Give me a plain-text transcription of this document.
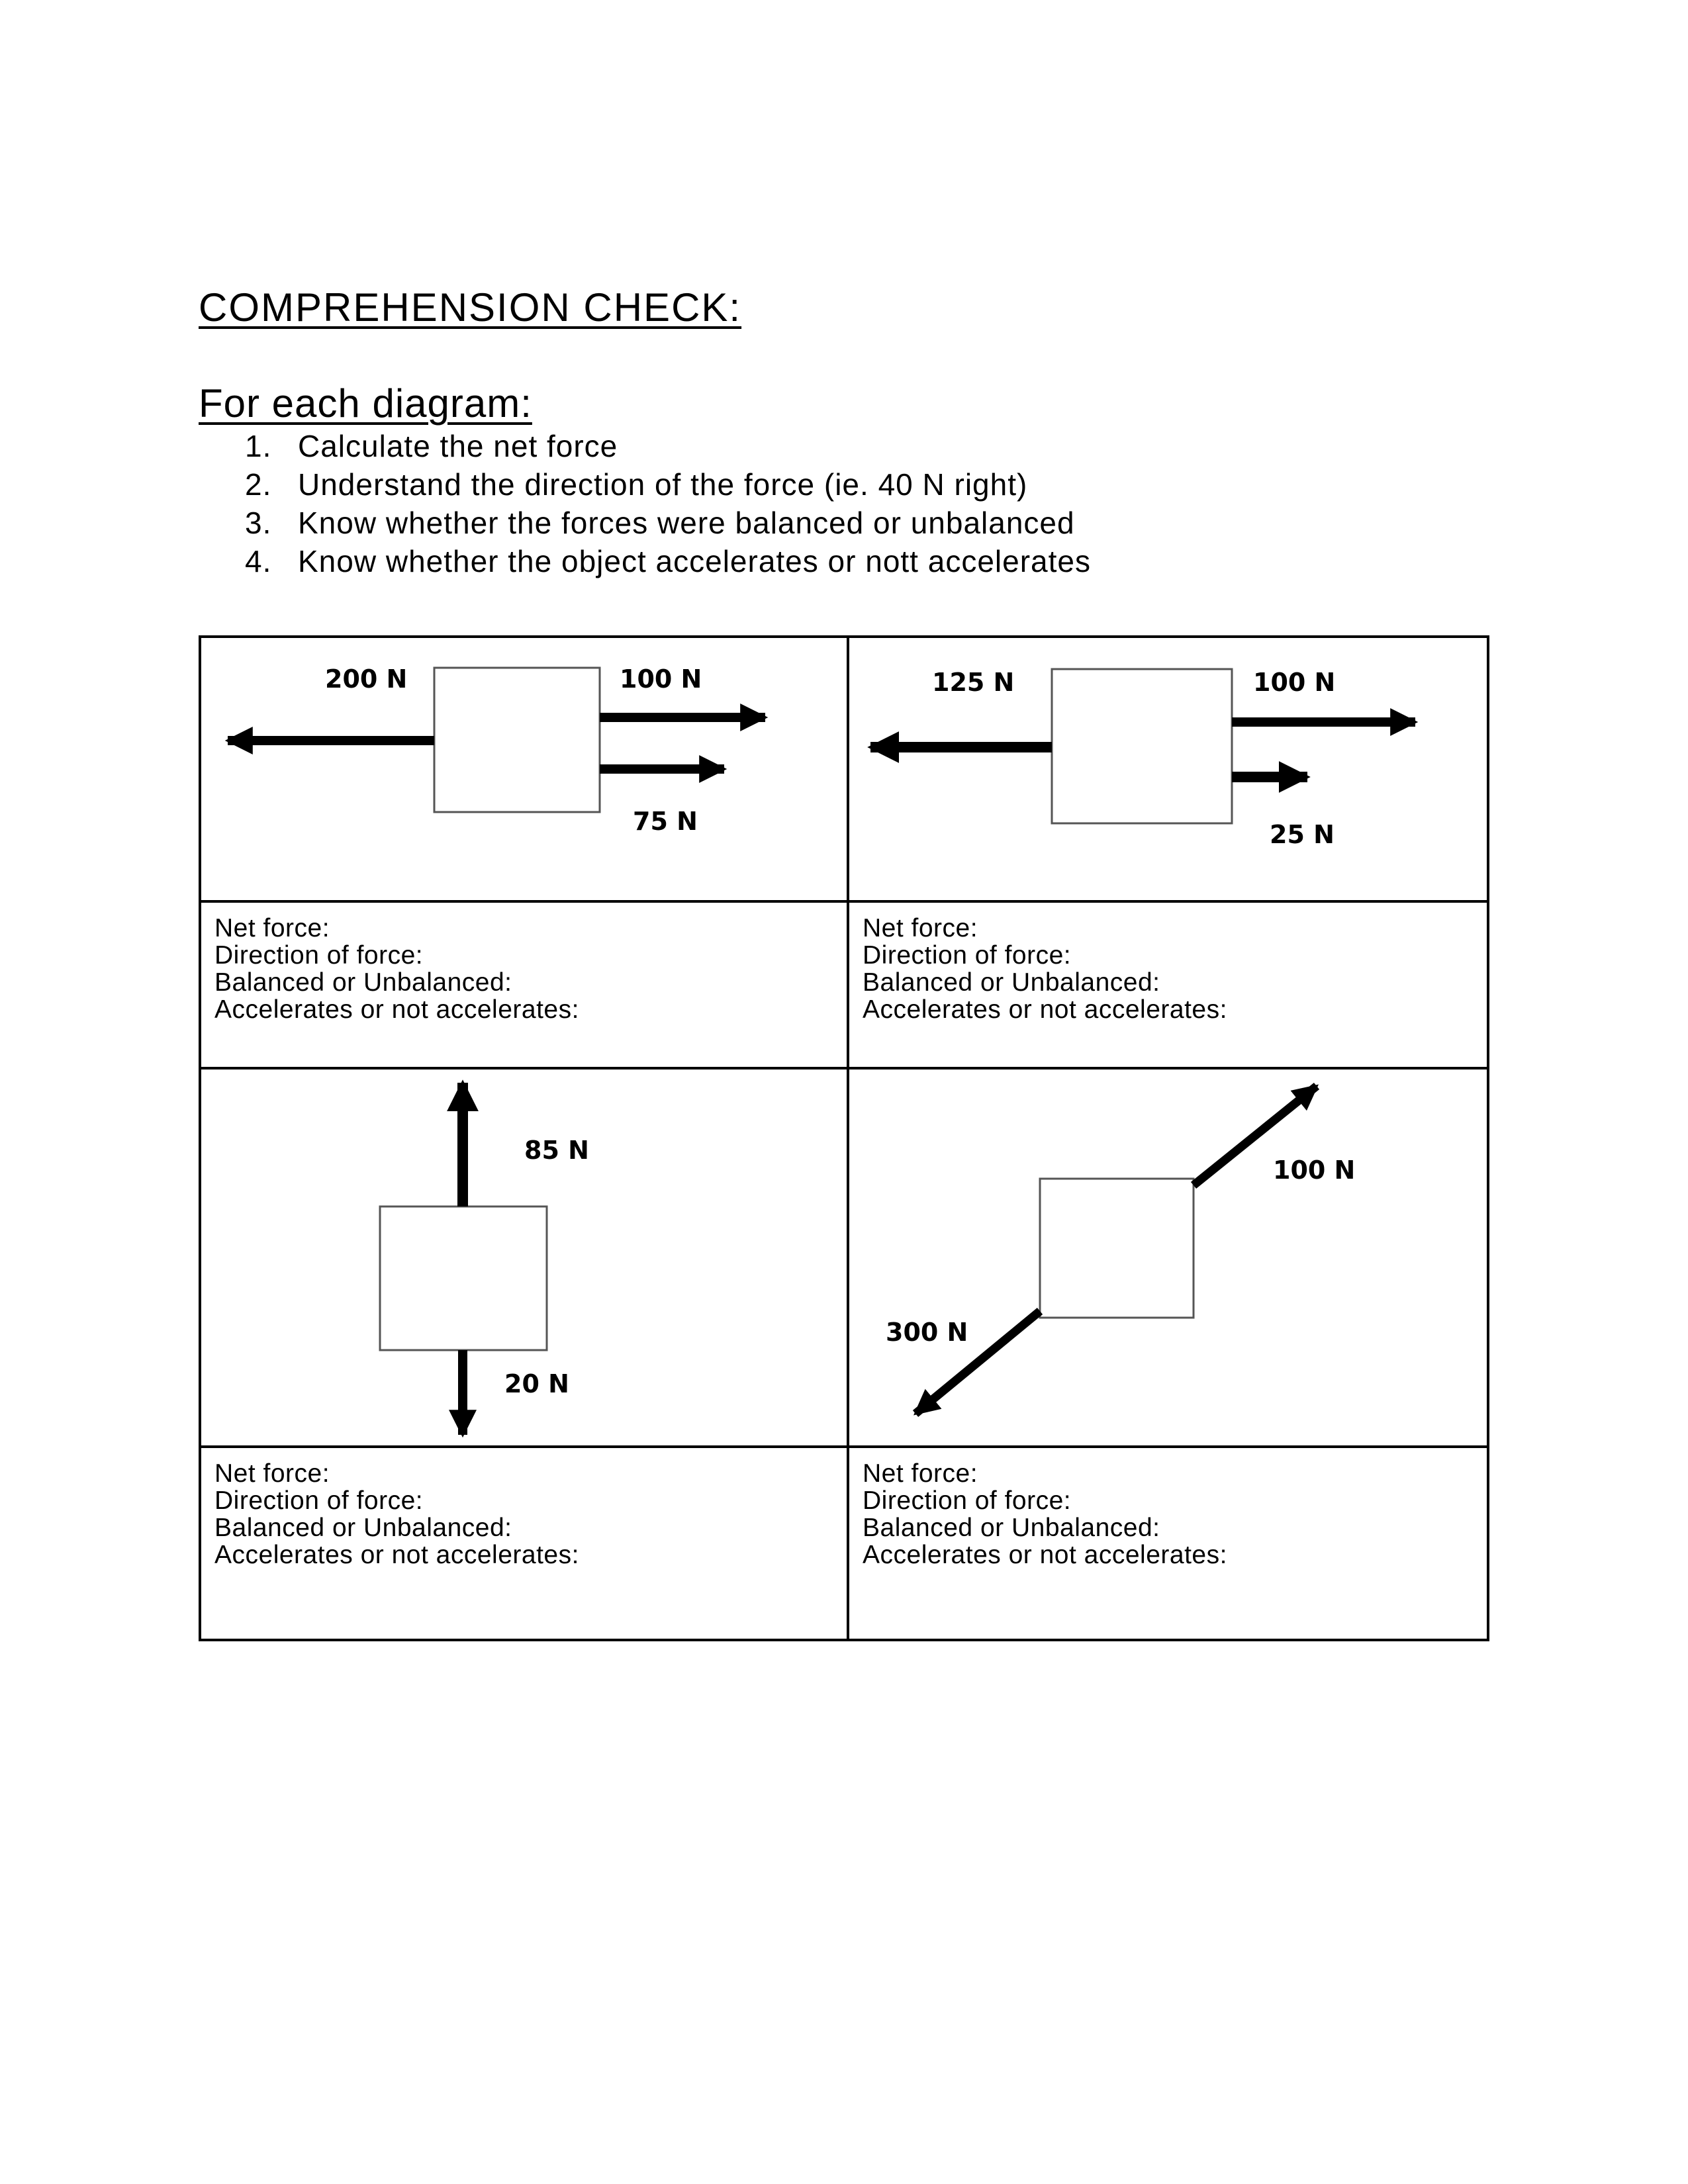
COMPREHENSION CHECK:
For each diagram:
1. Calculate the net force
2. Understand the direction of the force (ie. 40 N right)
3. Know whether the forces were balanced or unbalanced
4. Know whether the object accelerates or nott accelerates
200 N	100 N
75 N
125 N	100 N
25 N
Net force:
Direction of force:
Balanced or Unbalanced:
Accelerates or not accelerates:
Net force:
Direction of force:
Balanced or Unbalanced:
Accelerates or not accelerates:
85 N
20 N
100 N
300 N
Net force:
Direction of force:
Balanced or Unbalanced:
Accelerates or not accelerates:
Net force:
Direction of force:
Balanced or Unbalanced:
Accelerates or not accelerates:
